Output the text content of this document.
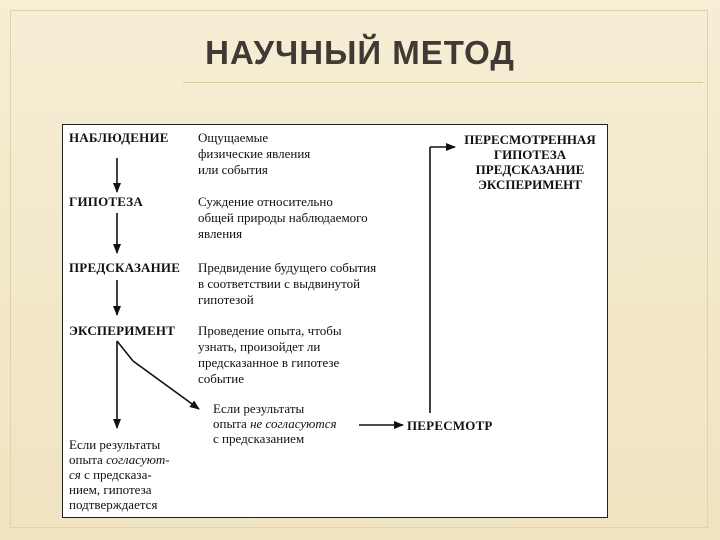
НАУЧНЫЙ МЕТОД
НАБЛЮДЕНИЕ Ощущаемые
физические явления
или события
ГИПОТЕЗА	Суждение относительно
общей природы наблюдаемого
явления
ПРЕДСКАЗАНИЕ Предвидение будущего события
в соответствии с выдвинутой
гипотезой
ЭКСПЕРИМЕНТ Проведение опыта, чтобы
узнать, произойдет ли
предсказанное в гипотезе
событие
ПЕРЕСМОТРЕННАЯ
ГИПОТЕЗА
ПРЕДСКАЗАНИЕ
ЭКСПЕРИМЕНТ
Если результаты
опыта не согласуются
с предсказанием
ПЕРЕСМОТР
Если результаты
опыта согласуют-
ся с предсказа-
нием, гипотеза
подтверждается
